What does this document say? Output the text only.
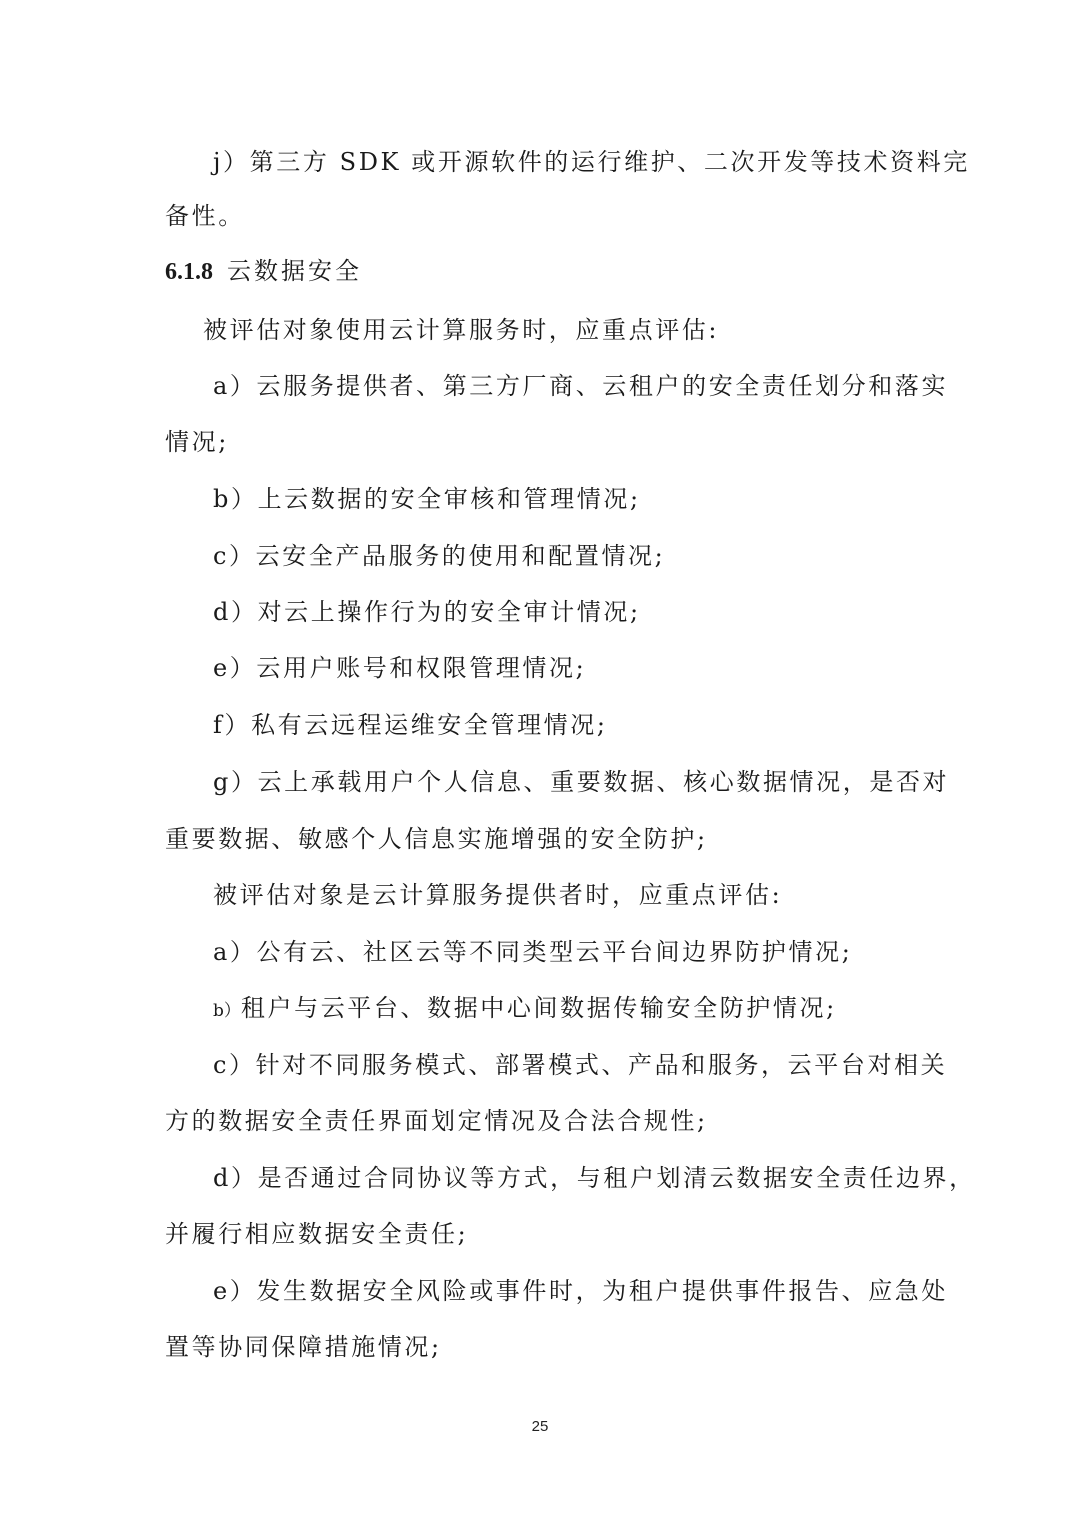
j）第三方 SDK 或开源软件的运行维护、二次开发等技术资料完
备性。
6.1.8 云数据安全
被评估对象使用云计算服务时，应重点评估:
a）云服务提供者、第三方厂商、云租户的安全责任划分和落实
情况;
b）上云数据的安全审核和管理情况;
c）云安全产品服务的使用和配置情况;
d）对云上操作行为的安全审计情况;
e）云用户账号和权限管理情况;
f）私有云远程运维安全管理情况;
g）云上承载用户个人信息、重要数据、核心数据情况，是否对
重要数据、敏感个人信息实施增强的安全防护;
被评估对象是云计算服务提供者时，应重点评估:
a）公有云、社区云等不同类型云平台间边界防护情况;
b）租户与云平台、数据中心间数据传输安全防护情况;
c）针对不同服务模式、部署模式、产品和服务，云平台对相关
方的数据安全责任界面划定情况及合法合规性;
d）是否通过合同协议等方式，与租户划清云数据安全责任边界，
并履行相应数据安全责任;
e）发生数据安全风险或事件时，为租户提供事件报告、应急处
置等协同保障措施情况;
25
